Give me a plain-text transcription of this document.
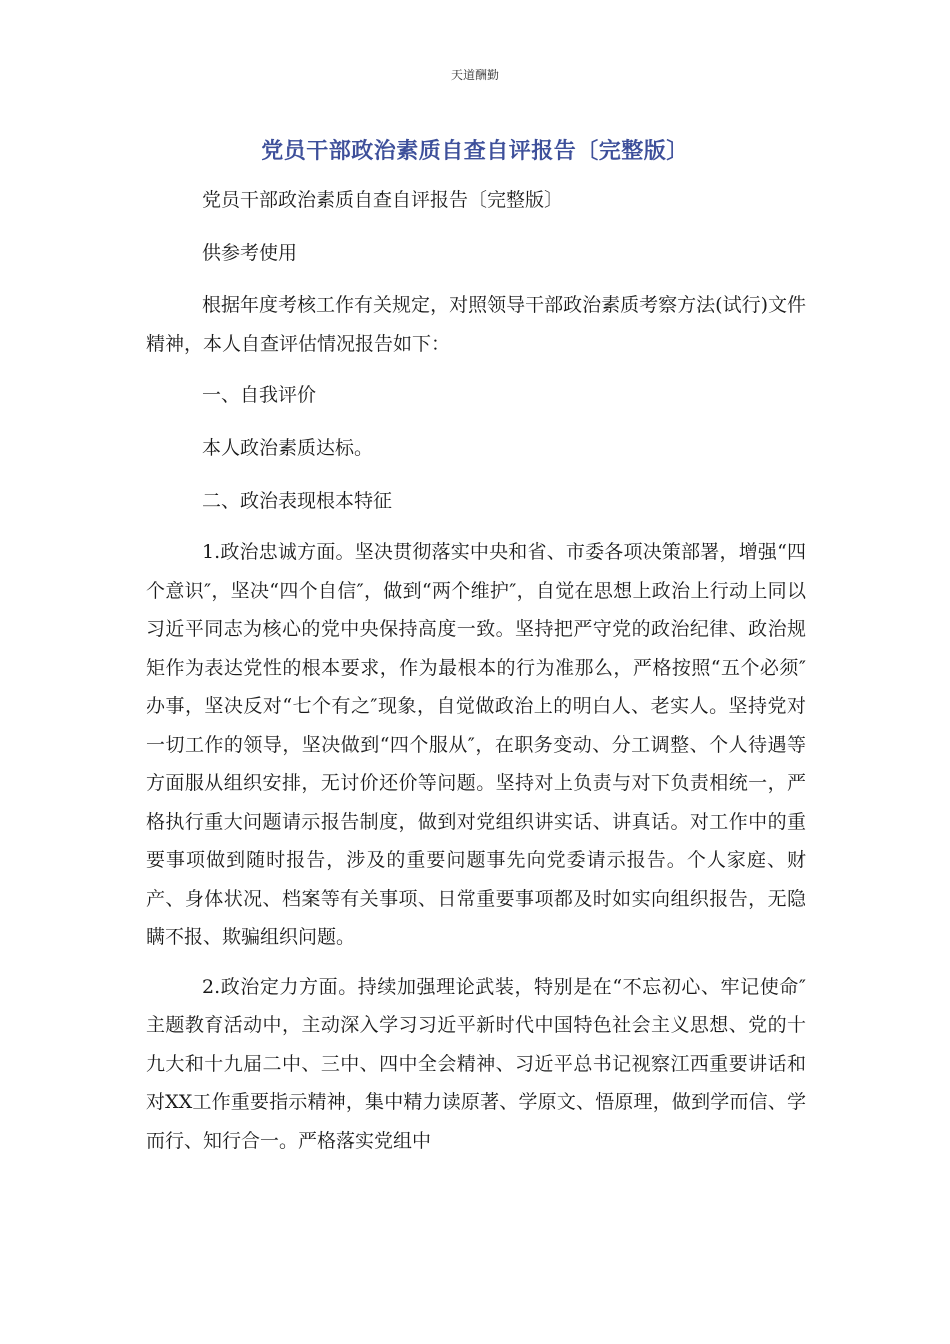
天道酬勤
党员干部政治素质自查自评报告〔完整版〕

党员干部政治素质自查自评报告〔完整版〕

供参考使用

根据年度考核工作有关规定，对照领导干部政治素质考察方法(试行)文件精神，本人自查评估情况报告如下：

一、自我评价

本人政治素质达标。

二、政治表现根本特征

1.政治忠诚方面。坚决贯彻落实中央和省、市委各项决策部署，增强“四个意识″，坚决“四个自信″，做到“两个维护″，自觉在思想上政治上行动上同以习近平同志为核心的党中央保持高度一致。坚持把严守党的政治纪律、政治规矩作为表达党性的根本要求，作为最根本的行为准那么，严格按照“五个必须″办事，坚决反对“七个有之″现象，自觉做政治上的明白人、老实人。坚持党对一切工作的领导，坚决做到“四个服从″，在职务变动、分工调整、个人待遇等方面服从组织安排，无讨价还价等问题。坚持对上负责与对下负责相统一，严格执行重大问题请示报告制度，做到对党组织讲实话、讲真话。对工作中的重要事项做到随时报告，涉及的重要问题事先向党委请示报告。个人家庭、财产、身体状况、档案等有关事项、日常重要事项都及时如实向组织报告，无隐瞒不报、欺骗组织问题。

2.政治定力方面。持续加强理论武装，特别是在“不忘初心、牢记使命″主题教育活动中，主动深入学习习近平新时代中国特色社会主义思想、党的十九大和十九届二中、三中、四中全会精神、习近平总书记视察江西重要讲话和对XX工作重要指示精神，集中精力读原著、学原文、悟原理，做到学而信、学而行、知行合一。严格落实党组中
